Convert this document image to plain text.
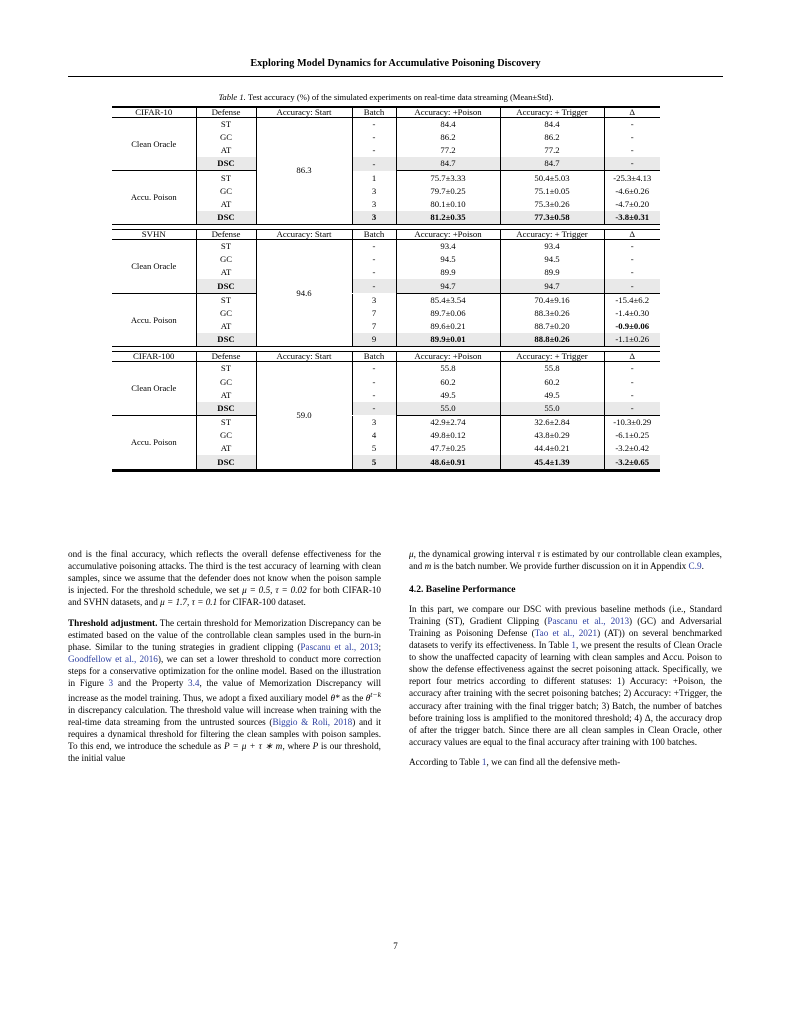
Exploring Model Dynamics for Accumulative Poisoning Discovery
Table 1. Test accuracy (%) of the simulated experiments on real-time data streaming (Mean±Std).

CIFAR-10	Defense	Accuracy: Start	Batch	Accuracy: +Poison	Accuracy: + Trigger	Δ	

Clean Oracle	ST	86.3	-	84.4	84.4	-	
	GC		-	86.2	86.2	-	
	AT		-	77.2	77.2	-	
	DSC		-	84.7	84.7	-	

Accu. Poison	ST		1	75.7±3.33	50.4±5.03	-25.3±4.13	
	GC		3	79.7±0.25	75.1±0.05	-4.6±0.26	
	AT		3	80.1±0.10	75.3±0.26	-4.7±0.20	
	DSC		3	81.2±0.35	77.3±0.58	-3.8±0.31	

SVHN	Defense	Accuracy: Start	Batch	Accuracy: +Poison	Accuracy: + Trigger	Δ	

Clean Oracle	ST	94.6	-	93.4	93.4	-	
	GC		-	94.5	94.5	-	
	AT		-	89.9	89.9	-	
	DSC		-	94.7	94.7	-	

Accu. Poison	ST		3	85.4±3.54	70.4±9.16	-15.4±6.2	
	GC		7	89.7±0.06	88.3±0.26	-1.4±0.30	
	AT		7	89.6±0.21	88.7±0.20	-0.9±0.06	
	DSC		9	89.9±0.01	88.8±0.26	-1.1±0.26	

CIFAR-100	Defense	Accuracy: Start	Batch	Accuracy: +Poison	Accuracy: + Trigger	Δ	

Clean Oracle	ST	59.0	-	55.8	55.8	-	
	GC		-	60.2	60.2	-	
	AT		-	49.5	49.5	-	
	DSC		-	55.0	55.0	-	

Accu. Poison	ST		3	42.9±2.74	32.6±2.84	-10.3±0.29	
	GC		4	49.8±0.12	43.8±0.29	-6.1±0.25	
	AT		5	47.7±0.25	44.4±0.21	-3.2±0.42	
	DSC		5	48.6±0.91	45.4±1.39	-3.2±0.65	

ond is the final accuracy, which reflects the overall defense effectiveness for the accumulative poisoning attacks. The third is the test accuracy of learning with clean samples, since we assume that the defender does not know when the poison sample is injected. For the threshold schedule, we set μ = 0.5, τ = 0.02 for both CIFAR-10 and SVHN datasets, and μ = 1.7, τ = 0.1 for CIFAR-100 dataset.

Threshold adjustment. The certain threshold for Memorization Discrepancy can be estimated based on the value of the controllable clean samples used in the burn-in phase. Similar to the tuning strategies in gradient clipping (Pascanu et al., 2013; Goodfellow et al., 2016), we can set a lower threshold to conduct more correction steps for a conservative optimization for the online model. Based on the illustration in Figure 3 and the Property 3.4, the value of Memorization Discrepancy will increase as the model training. Thus, we adopt a fixed auxiliary model θ* as the $\theta^{t-k}$ in discrepancy calculation. The threshold value will increase when training with the real-time data streaming from the untrusted sources (Biggio & Roli, 2018) and it requires a dynamical threshold for filtering the clean samples with poison samples. To this end, we introduce the schedule as P = μ + τ ∗ m, where P is our threshold, the initial value

μ, the dynamical growing interval τ is estimated by our controllable clean examples, and m is the batch number. We provide further discussion on it in Appendix C.9.

4.2. Baseline Performance

In this part, we compare our DSC with previous baseline methods (i.e., Standard Training (ST), Gradient Clipping (Pascanu et al., 2013) (GC) and Adversarial Training as Poisoning Defense (Tao et al., 2021) (AT)) on several benchmarked datasets to verify its effectiveness. In Table 1, we present the results of Clean Oracle to show the unaffected capacity of learning with clean samples and Accu. Poison to show the defense effectiveness against the secret poisoning attack. Specifically, we report four metrics according to different statuses: 1) Accuracy: +Poison, the accuracy after training with the secret poisoning batches; 2) Accuracy: +Trigger, the accuracy after training with the final trigger batch; 3) Batch, the number of batches before training loss is amplified to the monitored threshold; 4) Δ, the accuracy drop of after the trigger batch. Since there are all clean samples in Clean Oracle, other accuracy values are equal to the final accuracy after training with 100 batches.

According to Table 1, we can find all the defensive meth-

7
